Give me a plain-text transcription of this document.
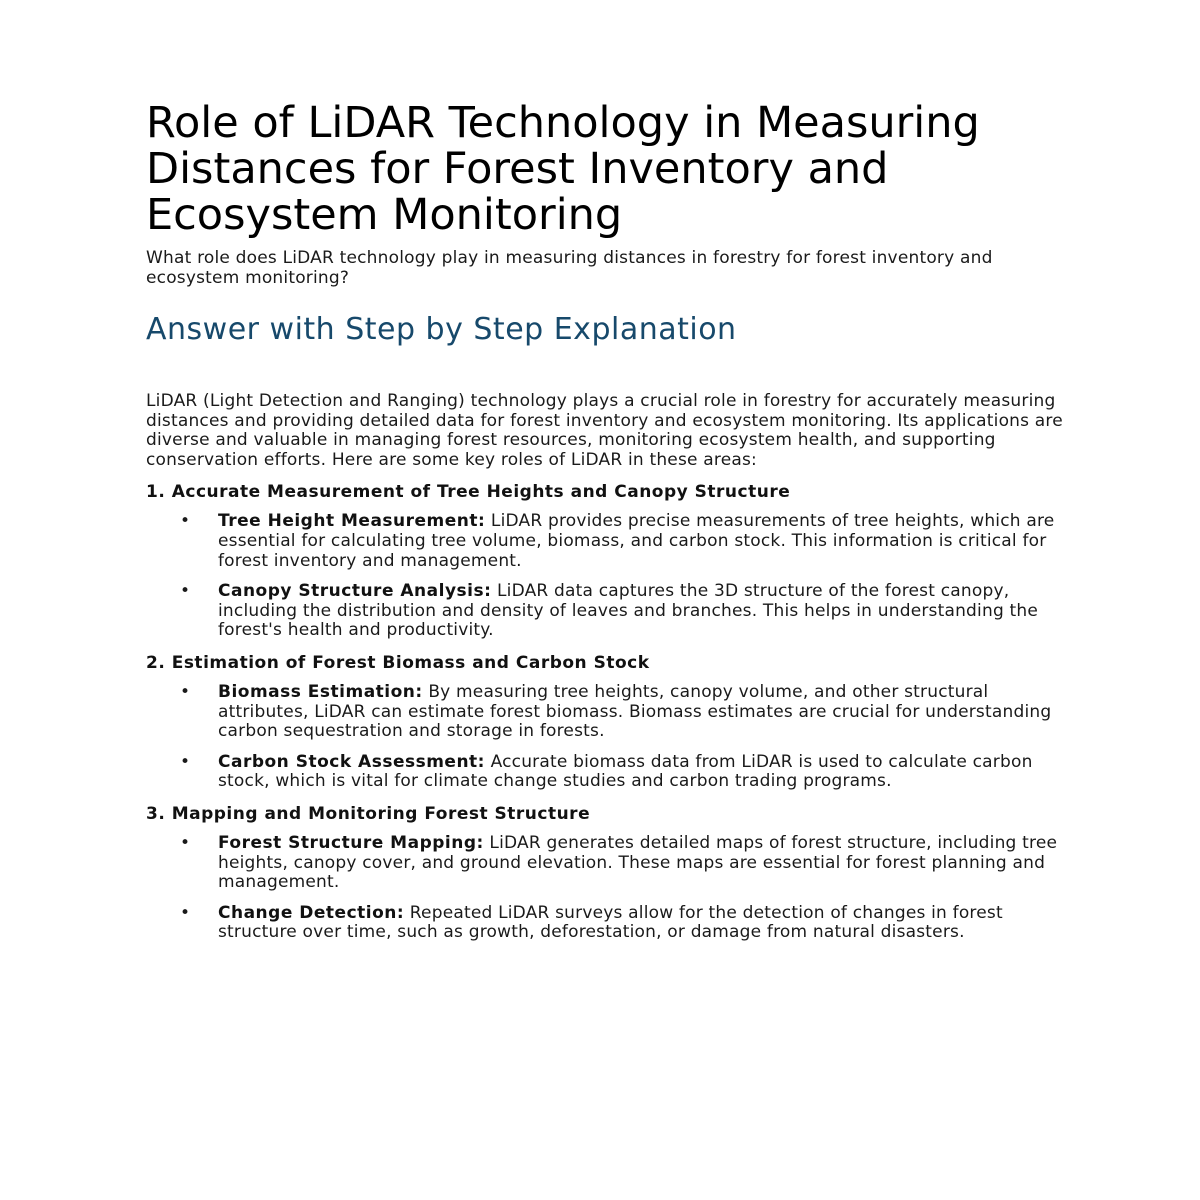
Role of LiDAR Technology in Measuring Distances for Forest Inventory and Ecosystem Monitoring

What role does LiDAR technology play in measuring distances in forestry for forest inventory and ecosystem monitoring?

Answer with Step by Step Explanation

LiDAR (Light Detection and Ranging) technology plays a crucial role in forestry for accurately measuring distances and providing detailed data for forest inventory and ecosystem monitoring. Its applications are diverse and valuable in managing forest resources, monitoring ecosystem health, and supporting conservation efforts. Here are some key roles of LiDAR in these areas:

1. Accurate Measurement of Tree Heights and Canopy Structure

• Tree Height Measurement: LiDAR provides precise measurements of tree heights, which are essential for calculating tree volume, biomass, and carbon stock. This information is critical for forest inventory and management.
• Canopy Structure Analysis: LiDAR data captures the 3D structure of the forest canopy, including the distribution and density of leaves and branches. This helps in understanding the forest's health and productivity.

2. Estimation of Forest Biomass and Carbon Stock

• Biomass Estimation: By measuring tree heights, canopy volume, and other structural attributes, LiDAR can estimate forest biomass. Biomass estimates are crucial for understanding carbon sequestration and storage in forests.
• Carbon Stock Assessment: Accurate biomass data from LiDAR is used to calculate carbon stock, which is vital for climate change studies and carbon trading programs.

3. Mapping and Monitoring Forest Structure

• Forest Structure Mapping: LiDAR generates detailed maps of forest structure, including tree heights, canopy cover, and ground elevation. These maps are essential for forest planning and management.
• Change Detection: Repeated LiDAR surveys allow for the detection of changes in forest structure over time, such as growth, deforestation, or damage from natural disasters.
